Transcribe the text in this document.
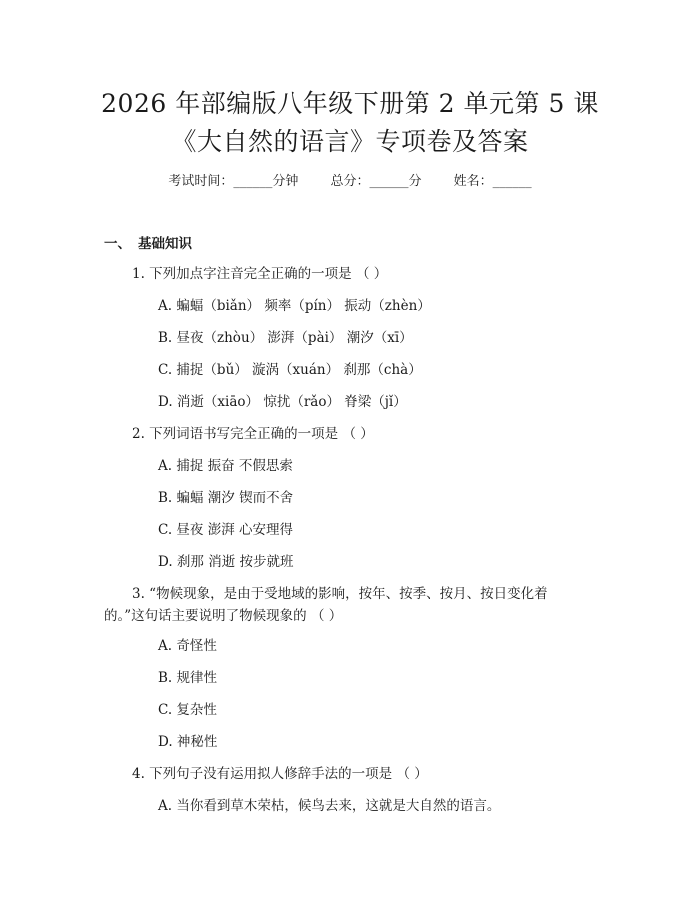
2026 年部编版八年级下册第 2 单元第 5 课
《大自然的语言》专项卷及答案
考试时间：______分钟 总分：______分 姓名：______
一、 基础知识
1. 下列加点字注音完全正确的一项是 （ ）
A. 蝙蝠（biǎn） 频率（pín） 振动（zhèn）
B. 昼夜（zhòu） 澎湃（pài） 潮汐（xī）
C. 捕捉（bǔ） 漩涡（xuán） 刹那（chà）
D. 消逝（xiāo） 惊扰（rǎo） 脊梁（jǐ）
2. 下列词语书写完全正确的一项是 （ ）
A. 捕捉 振奋 不假思索
B. 蝙蝠 潮汐 锲而不舍
C. 昼夜 澎湃 心安理得
D. 刹那 消逝 按步就班
3. “物候现象，是由于受地域的影响，按年、按季、按月、按日变化着
的。”这句话主要说明了物候现象的 （ ）
A. 奇怪性
B. 规律性
C. 复杂性
D. 神秘性
4. 下列句子没有运用拟人修辞手法的一项是 （ ）
A. 当你看到草木荣枯，候鸟去来，这就是大自然的语言。
